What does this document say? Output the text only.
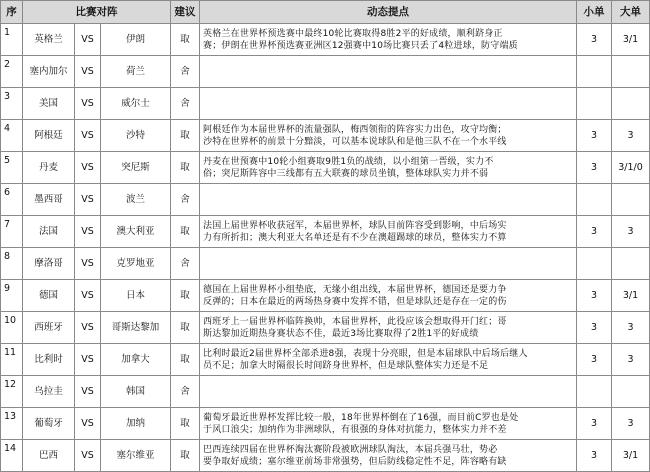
序	比赛对阵			建议	动态提点	小单	大单
1	英格兰	VS	伊朗	取	英格兰在世界杯预选赛中最终10轮比赛取得8胜2平的好成绩，顺利跻身正
赛；伊朗在世界杯预选赛亚洲区12强赛中10场比赛只丢了4粒进球，防守端质	3	3/1
2	塞内加尔	VS	荷兰	舍			
3	美国	VS	威尔士	舍			
4	阿根廷	VS	沙特	取	阿根廷作为本届世界杯的流量强队，梅西领衔的阵容实力出色，攻守均衡；
沙特在世界杯的前景十分黯淡，可以基本说球队和是他三队不在一个水平线	3	3
5	丹麦	VS	突尼斯	取	丹麦在世预赛中10轮小组赛取9胜1负的战绩，以小组第一晋级，实力不
俗；突尼斯阵容中三线都有五大联赛的球员坐镇，整体球队实力并不弱	3	3/1/0
6	墨西哥	VS	波兰	舍			
7	法国	VS	澳大利亚	取	法国上届世界杯收获冠军，本届世界杯，球队目前阵容受到影响，中后场实
力有所折扣；澳大利亚大名单还是有不少在澳超踢球的球员，整体实力不算	3	3
8	摩洛哥	VS	克罗地亚	舍			
9	德国	VS	日本	取	德国在上届世界杯小组垫底，无缘小组出线，本届世界杯，德国还是要力争
反弹的；日本在最近的两场热身赛中发挥不错，但是球队还是存在一定的伤	3	3/1
10	西班牙	VS	哥斯达黎加	取	西班牙上一届世界杯临阵换帅，本届世界杯，此役应该会想取得开门红；哥
斯达黎加近期热身赛状态不佳，最近3场比赛取得了2胜1平的好成绩	3	3
11	比利时	VS	加拿大	取	比利时最近2届世界杯全部杀进8强，表现十分亮眼，但是本届球队中后场后继人
员不足；加拿大时隔很长时间跻身世界杯，但是球队整体实力还是不足	3	3
12	乌拉圭	VS	韩国	舍			
13	葡萄牙	VS	加纳	取	葡萄牙最近世界杯发挥比较一般，18年世界杯倒在了16强，而目前C罗也是处
于风口浪尖；加纳作为非洲球队，有很强的身体对抗能力，整体实力并不差	3	3
14	巴西	VS	塞尔维亚	取	巴西连续四届在世界杯淘汰赛阶段被欧洲球队淘汰，本届兵强马壮，势必
要争取好成绩；塞尔维亚前场非常强势，但后防线稳定性不足，阵容略有缺	3	3/1
